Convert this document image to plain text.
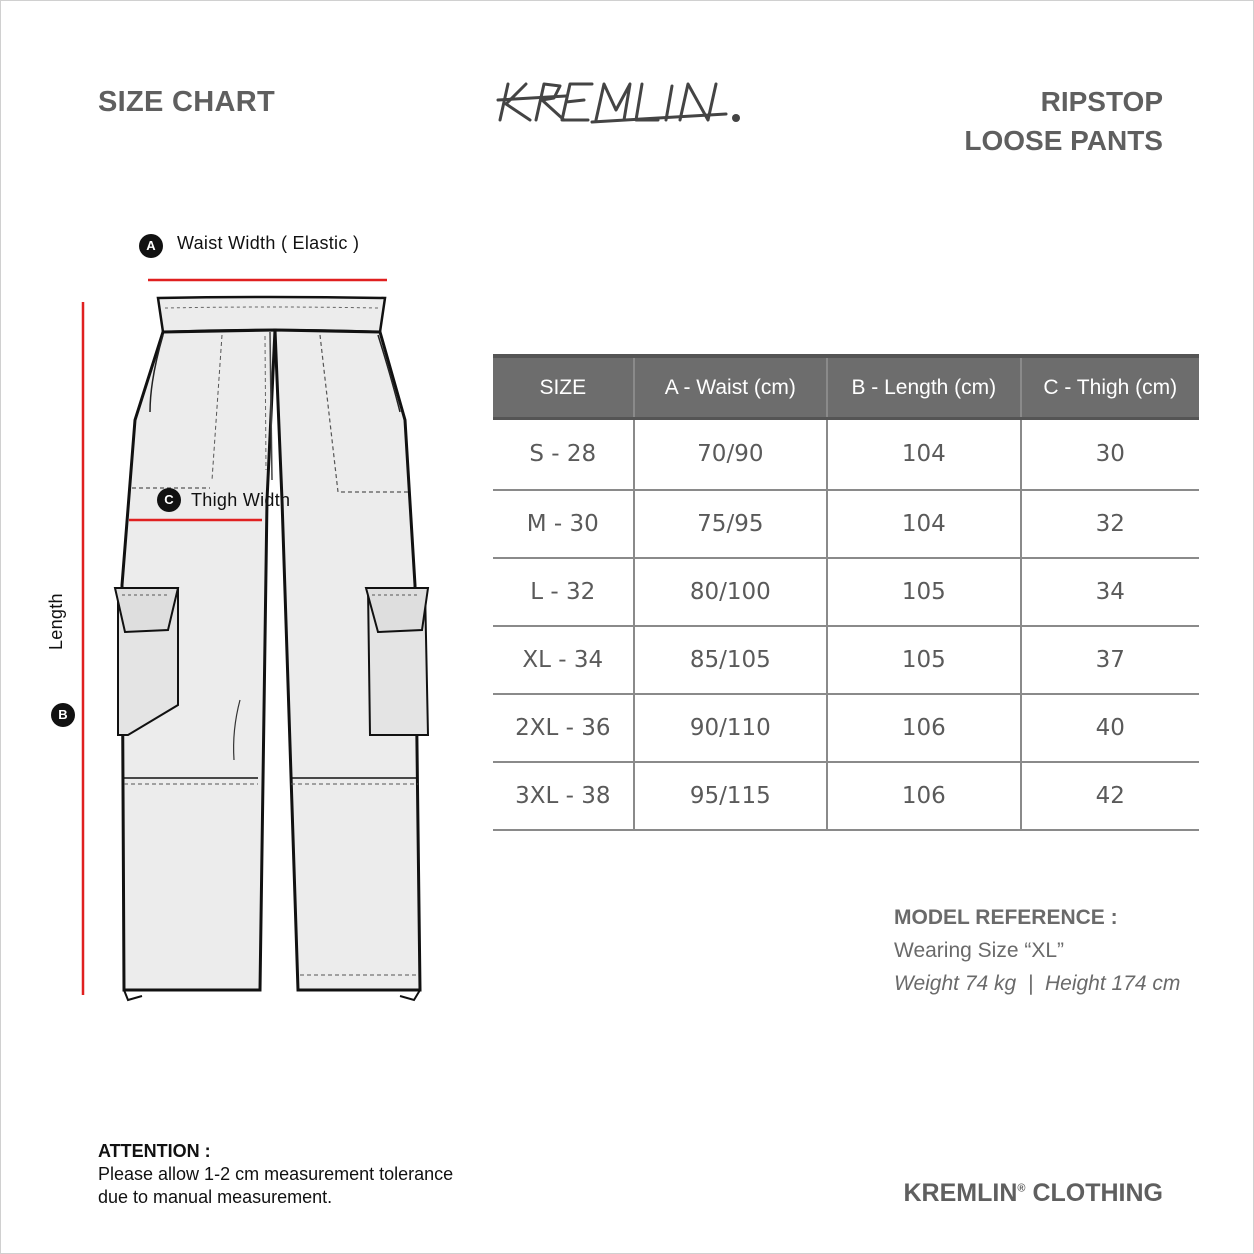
SIZE CHART	RIPSTOP
LOOSE PANTS
A	Waist Width ( Elastic )
C Thigh Width
B
Length
SIZE	A - Waist (cm)	B - Length (cm)	C - Thigh (cm)
S - 28	70/90	104	30
M - 30	75/95	104	32
L - 32	80/100	105	34
XL - 34	85/105	105	37
2XL - 36	90/110	106	40
3XL - 38	95/115	106	42
MODEL REFERENCE :
Wearing Size “XL”
Weight 74 kg  |  Height 174 cm
ATTENTION :
Please allow 1-2 cm measurement tolerance
due to manual measurement.	KREMLIN® CLOTHING
